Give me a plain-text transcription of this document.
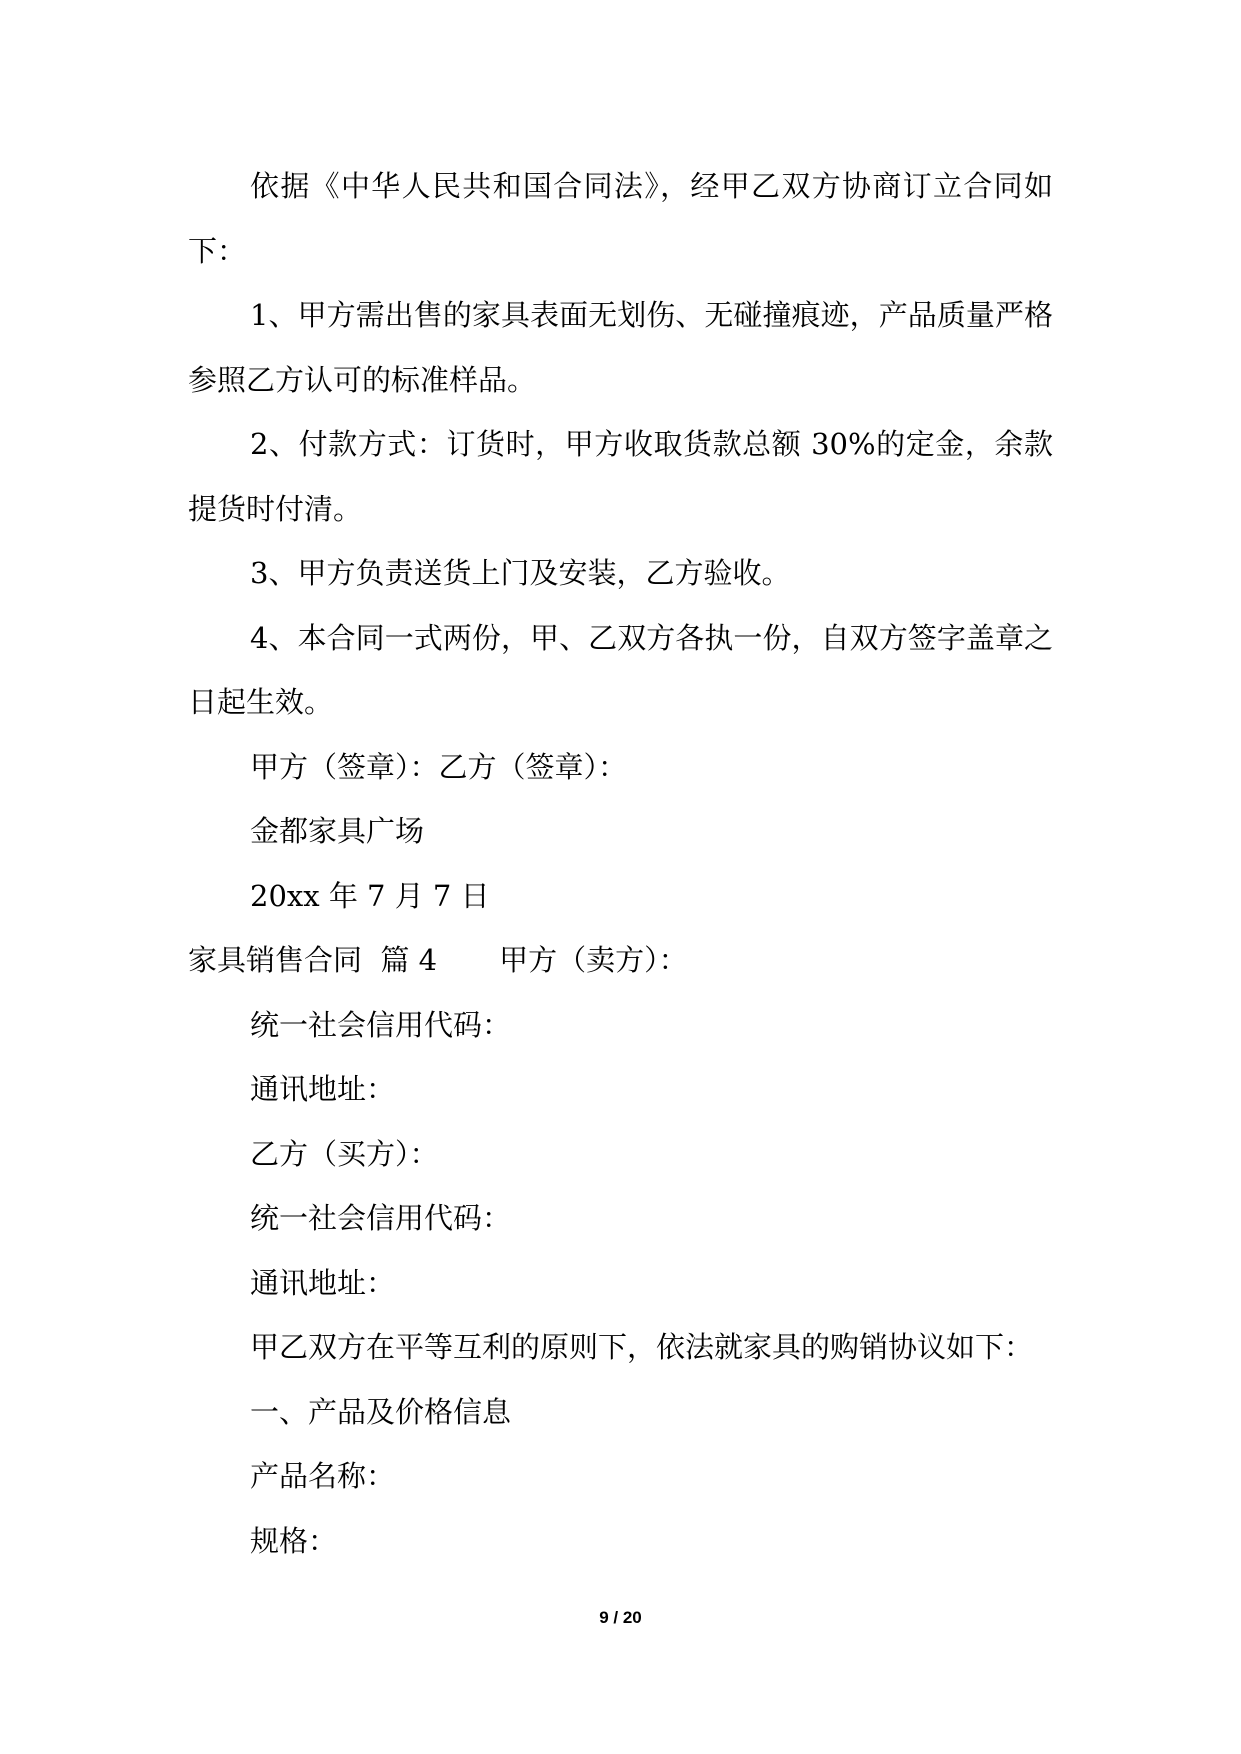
依据《中华人民共和国合同法》，经甲乙双方协商订立合同如下：

1、甲方需出售的家具表面无划伤、无碰撞痕迹，产品质量严格参照乙方认可的标准样品。

2、付款方式：订货时，甲方收取货款总额 30%的定金，余款提货时付清。

3、甲方负责送货上门及安装，乙方验收。

4、本合同一式两份，甲、乙双方各执一份，自双方签字盖章之日起生效。

甲方（签章）：乙方（签章）：

金都家具广场

20xx 年 7 月 7 日

家具销售合同  篇 4 甲方（卖方）：

统一社会信用代码：

通讯地址：

乙方（买方）：

统一社会信用代码：

通讯地址：

甲乙双方在平等互利的原则下，依法就家具的购销协议如下：

一、产品及价格信息

产品名称：

规格：

9 / 20
